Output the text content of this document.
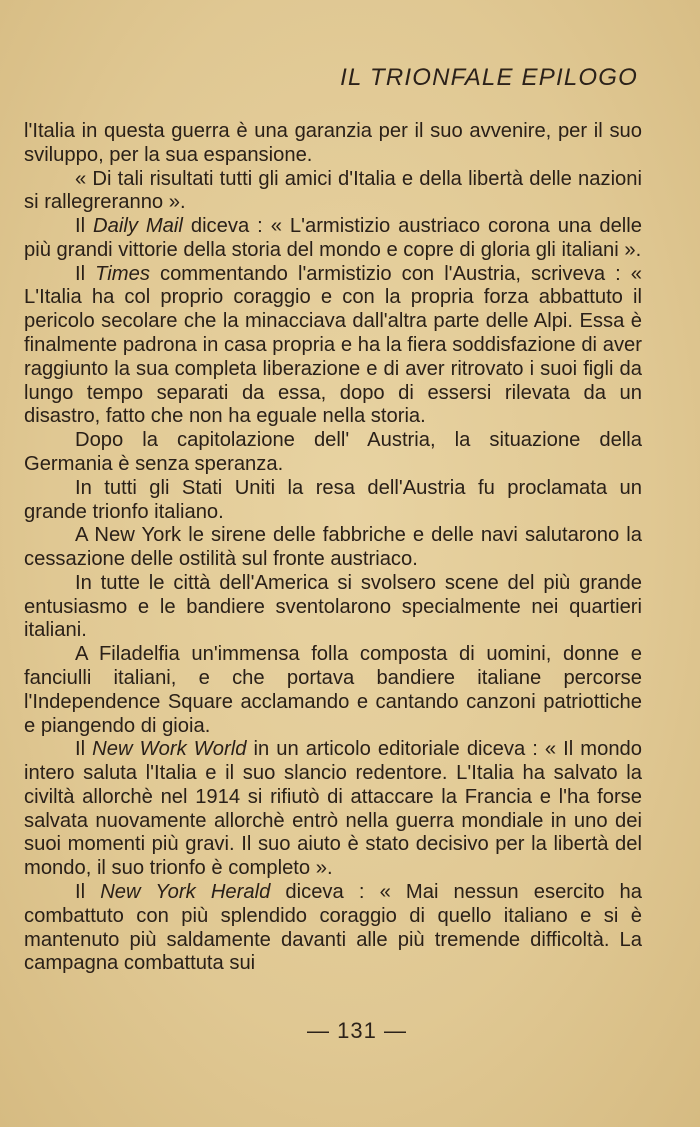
IL TRIONFALE EPILOGO

l'Italia in questa guerra è una garanzia per il suo avvenire, per il suo sviluppo, per la sua espansione.

« Di tali risultati tutti gli amici d'Italia e della libertà delle nazioni si rallegreranno ».

Il Daily Mail diceva : « L'armistizio austriaco corona una delle più grandi vittorie della storia del mondo e copre di gloria gli italiani ».

Il Times commentando l'armistizio con l'Austria, scriveva : « L'Italia ha col proprio coraggio e con la propria forza abbattuto il pericolo secolare che la minacciava dall'altra parte delle Alpi. Essa è finalmente padrona in casa propria e ha la fiera soddisfazione di aver raggiunto la sua completa liberazione e di aver ritrovato i suoi figli da lungo tempo separati da essa, dopo di essersi rilevata da un disastro, fatto che non ha eguale nella storia.

Dopo la capitolazione dell' Austria, la situazione della Germania è senza speranza.

In tutti gli Stati Uniti la resa dell'Austria fu proclamata un grande trionfo italiano.

A New York le sirene delle fabbriche e delle navi salutarono la cessazione delle ostilità sul fronte austriaco.

In tutte le città dell'America si svolsero scene del più grande entusiasmo e le bandiere sventolarono specialmente nei quartieri italiani.

A Filadelfia un'immensa folla composta di uomini, donne e fanciulli italiani, e che portava bandiere italiane percorse l'Independence Square acclamando e cantando canzoni patriottiche e piangendo di gioia.

Il New Work World in un articolo editoriale diceva : « Il mondo intero saluta l'Italia e il suo slancio redentore. L'Italia ha salvato la civiltà allorchè nel 1914 si rifiutò di attaccare la Francia e l'ha forse salvata nuovamente allorchè entrò nella guerra mondiale in uno dei suoi momenti più gravi. Il suo aiuto è stato decisivo per la libertà del mondo, il suo trionfo è completo ».

Il New York Herald diceva : « Mai nessun esercito ha combattuto con più splendido coraggio di quello italiano e si è mantenuto più saldamente davanti alle più tremende difficoltà. La campagna combattuta sui

— 131 —
